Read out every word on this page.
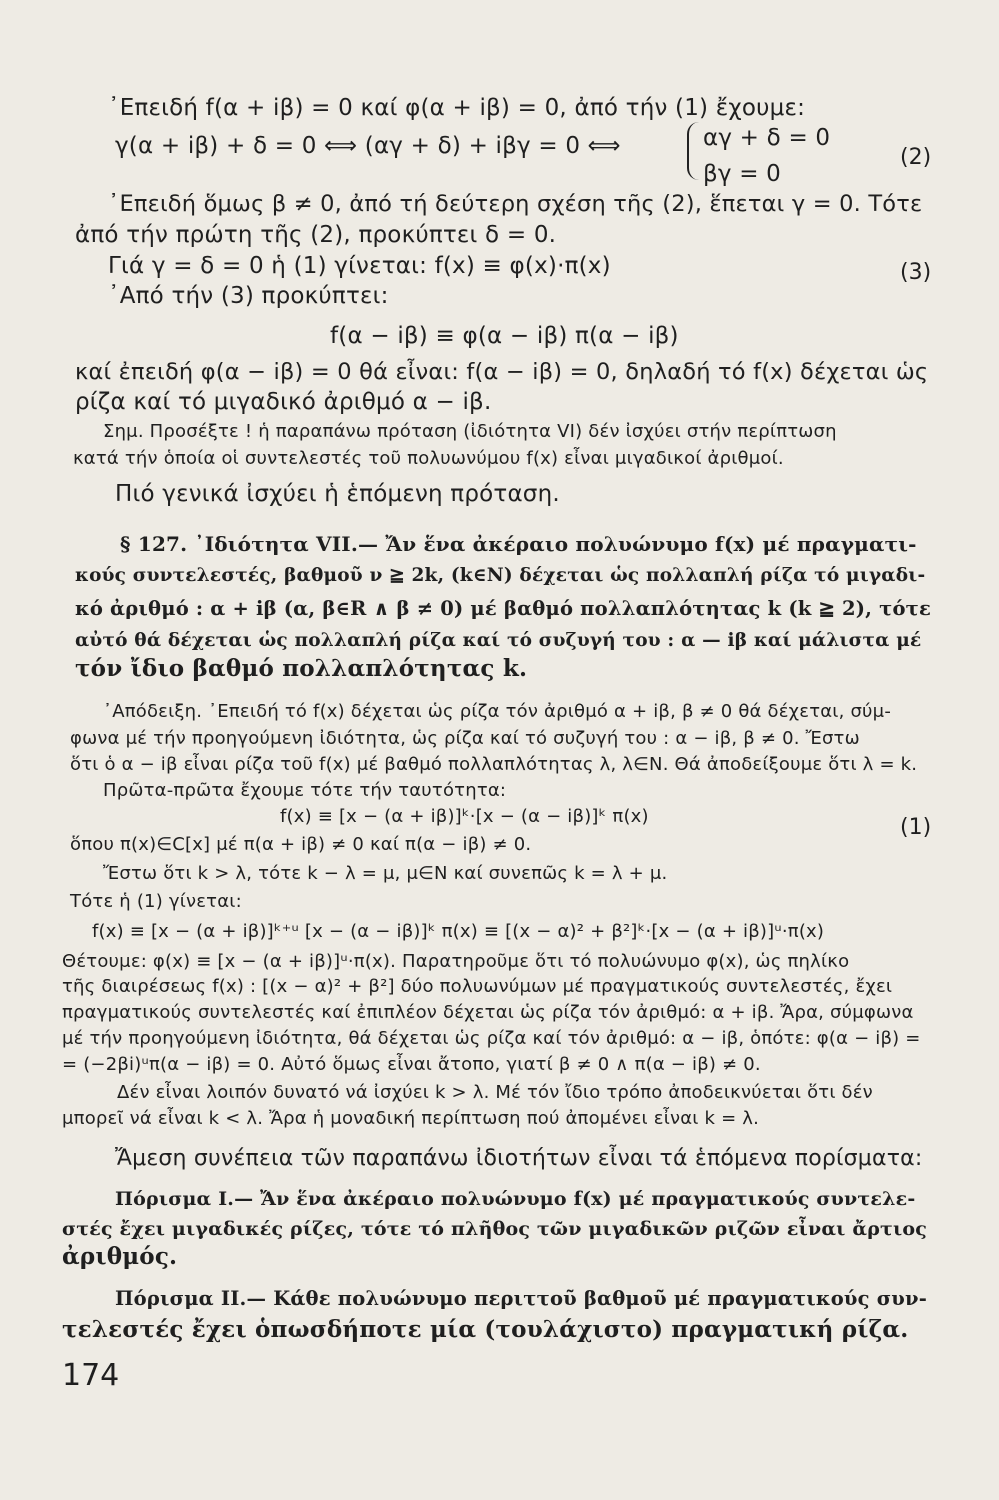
᾿Επειδή f(α + iβ) = 0 καί φ(α + iβ) = 0, ἀπό τήν (1) ἔχουμε:
γ(α + iβ) + δ = 0 ⟺ (αγ + δ) + iβγ = 0 ⟺	αγ + δ = 0
βγ = 0
(2)
᾿Επειδή ὅμως β ≠ 0, ἀπό τή δεύτερη σχέση τῆς (2), ἕπεται γ = 0. Τότε
ἀπό τήν πρώτη τῆς (2), προκύπτει δ = 0.
Γιά γ = δ = 0 ἡ (1) γίνεται: f(x) ≡ φ(x)·π(x)	(3)
᾿Από τήν (3) προκύπτει:
f(α − iβ) ≡ φ(α − iβ) π(α − iβ)
καί ἐπειδή φ(α − iβ) = 0 θά εἶναι: f(α − iβ) = 0, δηλαδή τό f(x) δέχεται ὡς
ρίζα καί τό μιγαδικό ἀριθμό α − iβ.
Σημ. Προσέξτε ! ἡ παραπάνω πρόταση (ἰδιότητα VI) δέν ἰσχύει στήν περίπτωση
κατά τήν ὁποία οἱ συντελεστές τοῦ πολυωνύμου f(x) εἶναι μιγαδικοί ἀριθμοί.
Πιό γενικά ἰσχύει ἡ ἑπόμενη πρόταση.
§ 127. ᾿Ιδιότητα VII.— Ἄν ἕνα ἀκέραιο πολυώνυμο f(x) μέ πραγματι-
κούς συντελεστές, βαθμοῦ ν ≧ 2k, (k∈N) δέχεται ὡς πολλαπλή ρίζα τό μιγαδι-
κό ἀριθμό : α + iβ (α, β∈R ∧ β ≠ 0) μέ βαθμό πολλαπλότητας k (k ≧ 2), τότε
αὐτό θά δέχεται ὡς πολλαπλή ρίζα καί τό συζυγή του : α — iβ καί μάλιστα μέ
τόν ἴδιο βαθμό πολλαπλότητας k.
᾿Απόδειξη. ᾿Επειδή τό f(x) δέχεται ὡς ρίζα τόν ἀριθμό α + iβ, β ≠ 0 θά δέχεται, σύμ-
φωνα μέ τήν προηγούμενη ἰδιότητα, ὡς ρίζα καί τό συζυγή του : α − iβ, β ≠ 0. Ἔστω
ὅτι ὁ α − iβ εἶναι ρίζα τοῦ f(x) μέ βαθμό πολλαπλότητας λ, λ∈N. Θά ἀποδείξουμε ὅτι λ = k.
Πρῶτα-πρῶτα ἔχουμε τότε τήν ταυτότητα:
f(x) ≡ [x − (α + iβ)]ᵏ·[x − (α − iβ)]ᵏ π(x)	(1)
ὅπου π(x)∈C[x] μέ π(α + iβ) ≠ 0 καί π(α − iβ) ≠ 0.
Ἔστω ὅτι k > λ, τότε k − λ = μ, μ∈N καί συνεπῶς k = λ + μ.
Τότε ἡ (1) γίνεται:
f(x) ≡ [x − (α + iβ)]ᵏ⁺ᵘ [x − (α − iβ)]ᵏ π(x) ≡ [(x − α)² + β²]ᵏ·[x − (α + iβ)]ᵘ·π(x)
Θέτουμε: φ(x) ≡ [x − (α + iβ)]ᵘ·π(x). Παρατηροῦμε ὅτι τό πολυώνυμο φ(x), ὡς πηλίκο
τῆς διαιρέσεως f(x) : [(x − α)² + β²] δύο πολυωνύμων μέ πραγματικούς συντελεστές, ἔχει
πραγματικούς συντελεστές καί ἐπιπλέον δέχεται ὡς ρίζα τόν ἀριθμό: α + iβ. Ἄρα, σύμφωνα
μέ τήν προηγούμενη ἰδιότητα, θά δέχεται ὡς ρίζα καί τόν ἀριθμό: α − iβ, ὁπότε: φ(α − iβ) =
= (−2βi)ᵘπ(α − iβ) = 0. Αὐτό ὅμως εἶναι ἄτοπο, γιατί β ≠ 0 ∧ π(α − iβ) ≠ 0.
Δέν εἶναι λοιπόν δυνατό νά ἰσχύει k > λ. Μέ τόν ἴδιο τρόπο ἀποδεικνύεται ὅτι δέν
μπορεῖ νά εἶναι k < λ. Ἄρα ἡ μοναδική περίπτωση πού ἀπομένει εἶναι k = λ.
Ἄμεση συνέπεια τῶν παραπάνω ἰδιοτήτων εἶναι τά ἑπόμενα πορίσματα:
Πόρισμα Ι.— Ἄν ἕνα ἀκέραιο πολυώνυμο f(x) μέ πραγματικούς συντελε-
στές ἔχει μιγαδικές ρίζες, τότε τό πλῆθος τῶν μιγαδικῶν ριζῶν εἶναι ἄρτιος
ἀριθμός.
Πόρισμα ΙΙ.— Κάθε πολυώνυμο περιττοῦ βαθμοῦ μέ πραγματικούς συν-
τελεστές ἔχει ὁπωσδήποτε μία (τουλάχιστο) πραγματική ρίζα.
174
